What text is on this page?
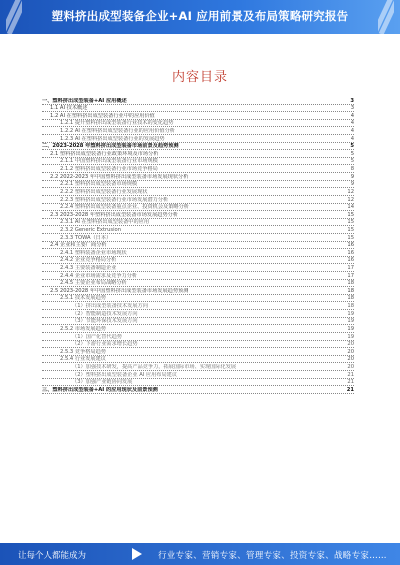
塑料挤出成型装备企业+AI 应用前景及布局策略研究报告
内容目录
一、塑料挤出成型装备+AI 应用概述	3
1.1 AI 技术概述	3
1.2 AI 在塑料挤出成型装备行业中的应用价值	4
1.2.1 提升塑料挤出成型装备行业技术的变化趋势	4
1.2.2 AI 在塑料挤出成型装备行业的应用价值分析	4
1.2.3 AI 在塑料挤出成型装备行业的发展趋势	4
二、2023-2028 年塑料挤出成型装备市场前景及趋势预测	5
2.1 塑料挤出成型装备行业政策环境及市场分析	5
2.1.1 中国塑料挤出成型装备行业市场规模	5
2.1.2 塑料挤出成型装备行业市场竞争格局	8
2.2 2022-2023 年中国塑料挤出成型装备市场发展现状分析	9
2.2.1 塑料挤出成型装备市场规模	9
2.2.2 塑料挤出成型装备行业发展现状	12
2.2.3 塑料挤出成型装备行业市场发展潜力分析	12
2.2.4 塑料挤出成型装备重点企业、投资机会及策略分析	14
2.3 2023-2028 年塑料挤出成型装备市场发展趋势分析	15
2.3.1 AI 在塑料挤出成型装备中的应用	15
2.3.2 Generic Extrusion	15
2.3.3 TOWA（日本）	15
2.4 企业和主要厂商分析	16
2.4.1 塑料装备企业市场现状	16
2.4.2 企业竞争格局分析	16
2.4.3 主要装备制造企业	17
2.4.4 企业市场需求及竞争力分析	17
2.4.5 主要企业布局战略分析	18
2.5 2023-2028 年中国塑料挤出成型装备市场发展趋势预测	18
2.5.1 技术发展趋势	18
（1）挤出成型装备技术发展方向	18
（2）智能制造技术发展方向	19
（3）节能环保技术发展方向	19
2.5.2 市场发展趋势	19
（1）国产化替代趋势	19
（2）下游行业需求增长趋势	20
2.5.3 竞争格局趋势	20
2.5.4 行业发展建议	20
（1）加强技术研发，提高产品竞争力，拓展国际市场、实现国际化发展	20
（2）塑料挤出成型装备企业 AI 应用布局建议	21
（3）加强产业链协同发展	21
三、塑料挤出成型装备+AI 的应用现状及前景预测	21
让每个人都能成为	行业专家、营销专家、管理专家、投资专家、战略专家……
